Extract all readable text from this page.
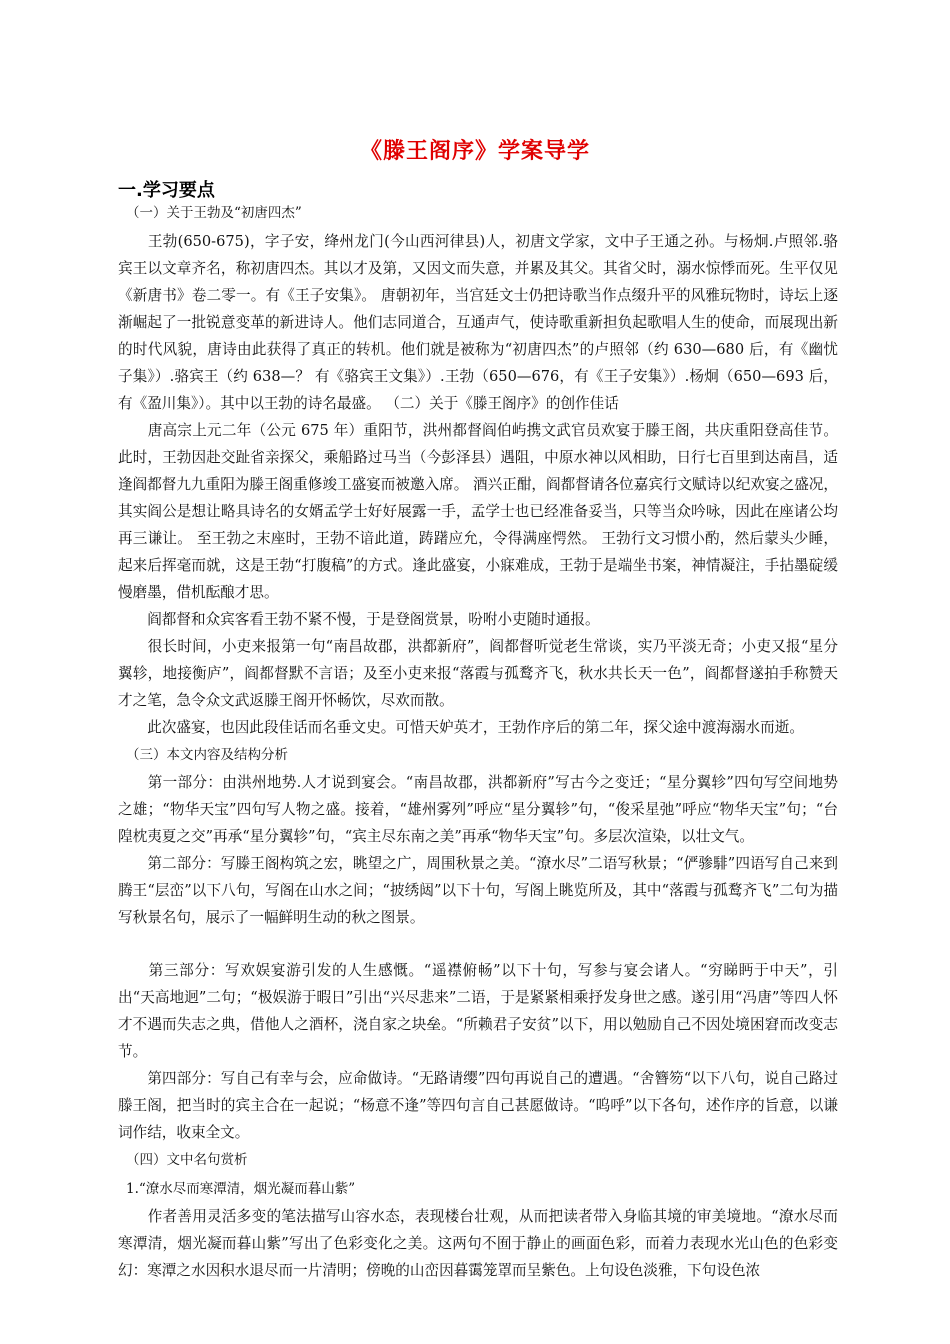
《滕王阁序》学案导学
一.学习要点
（一）关于王勃及“初唐四杰”

　　王勃(650-675)，字子安，绛州龙门(今山西河律县)人，初唐文学家，文中子王通之孙。与杨炯.卢照邻.骆宾王以文章齐名，称初唐四杰。其以才及第，又因文而失意，并累及其父。其省父时，溺水惊悸而死。生平仅见《新唐书》卷二零一。有《王子安集》。 唐朝初年，当宫廷文士仍把诗歌当作点缀升平的风雅玩物时，诗坛上逐渐崛起了一批锐意变革的新进诗人。他们志同道合，互通声气，使诗歌重新担负起歌唱人生的使命，而展现出新的时代风貌，唐诗由此获得了真正的转机。他们就是被称为“初唐四杰”的卢照邻（约 630—680 后，有《幽忧子集》）.骆宾王（约 638—？ 有《骆宾王文集》）.王勃（650—676，有《王子安集》）.杨炯（650—693 后，有《盈川集》）。其中以王勃的诗名最盛。 （二）关于《滕王阁序》的创作佳话

　　唐高宗上元二年（公元 675 年）重阳节，洪州都督阎伯屿携文武官员欢宴于滕王阁，共庆重阳登高佳节。此时，王勃因赴交趾省亲探父，乘船路过马当（今彭泽县）遇阻，中原水神以风相助，日行七百里到达南昌，适逢阎都督九九重阳为滕王阁重修竣工盛宴而被邀入席。 酒兴正酣，阎都督请各位嘉宾行文赋诗以纪欢宴之盛况，其实阎公是想让略具诗名的女婿孟学士好好展露一手，孟学士也已经准备妥当，只等当众吟咏，因此在座诸公均再三谦让。 至王勃之末座时，王勃不谙此道，踌躇应允，令得满座愕然。 王勃行文习惯小酌，然后蒙头少睡，起来后挥毫而就，这是王勃“打腹稿”的方式。逢此盛宴，小寐难成，王勃于是端坐书案，神情凝注，手拈墨碇缓慢磨墨，借机酝酿才思。

　　阎都督和众宾客看王勃不紧不慢，于是登阁赏景，吩咐小吏随时通报。

　　很长时间，小吏来报第一句“南昌故郡，洪都新府”，阎都督听觉老生常谈，实乃平淡无奇；小吏又报“星分翼轸，地接衡庐”，阎都督默不言语；及至小吏来报“落霞与孤鹜齐飞，秋水共长天一色”，阎都督遂拍手称赞天才之笔，急令众文武返滕王阁开怀畅饮，尽欢而散。

　　此次盛宴，也因此段佳话而名垂文史。可惜天妒英才，王勃作序后的第二年，探父途中渡海溺水而逝。

（三）本文内容及结构分析

　　第一部分：由洪州地势.人才说到宴会。“南昌故郡，洪都新府”写古今之变迁；“星分翼轸”四句写空间地势之雄；“物华天宝”四句写人物之盛。接着，“雄州雾列”呼应“星分翼轸”句，“俊采星弛”呼应“物华天宝”句；“台隍枕夷夏之交”再承“星分翼轸”句，“宾主尽东南之美”再承“物华天宝”句。多层次渲染，以壮文气。

　　第二部分：写滕王阁构筑之宏，眺望之广，周围秋景之美。“潦水尽”二语写秋景；“俨骖騑”四语写自己来到腾王“层峦”以下八句，写阁在山水之间；“披绣闼”以下十句，写阁上眺览所及，其中“落霞与孤鹜齐飞”二句为描写秋景名句，展示了一幅鲜明生动的秋之图景。

　　第三部分：写欢娱宴游引发的人生感慨。“遥襟俯畅”以下十句，写参与宴会诸人。“穷睇眄于中天”，引出“天高地迥”二句；“极娱游于暇日”引出“兴尽悲来”二语，于是紧紧相乘抒发身世之感。遂引用“冯唐”等四人怀才不遇而失志之典，借他人之酒杯，浇自家之块垒。“所赖君子安贫”以下，用以勉励自己不因处境困窘而改变志节。

　　第四部分：写自己有幸与会，应命做诗。“无路请缨”四句再说自己的遭遇。“舍簪笏“以下八句，说自己路过滕王阁，把当时的宾主合在一起说；“杨意不逢”等四句言自己甚愿做诗。“呜呼”以下各句，述作序的旨意，以谦词作结，收束全文。

（四）文中名句赏析
1.“潦水尽而寒潭清，烟光凝而暮山紫”

　　作者善用灵活多变的笔法描写山容水态，表现楼台壮观，从而把读者带入身临其境的审美境地。“潦水尽而寒潭清，烟光凝而暮山紫”写出了色彩变化之美。这两句不囿于静止的画面色彩，而着力表现水光山色的色彩变幻：寒潭之水因积水退尽而一片清明；傍晚的山峦因暮霭笼罩而呈紫色。上句设色淡雅，下句设色浓
